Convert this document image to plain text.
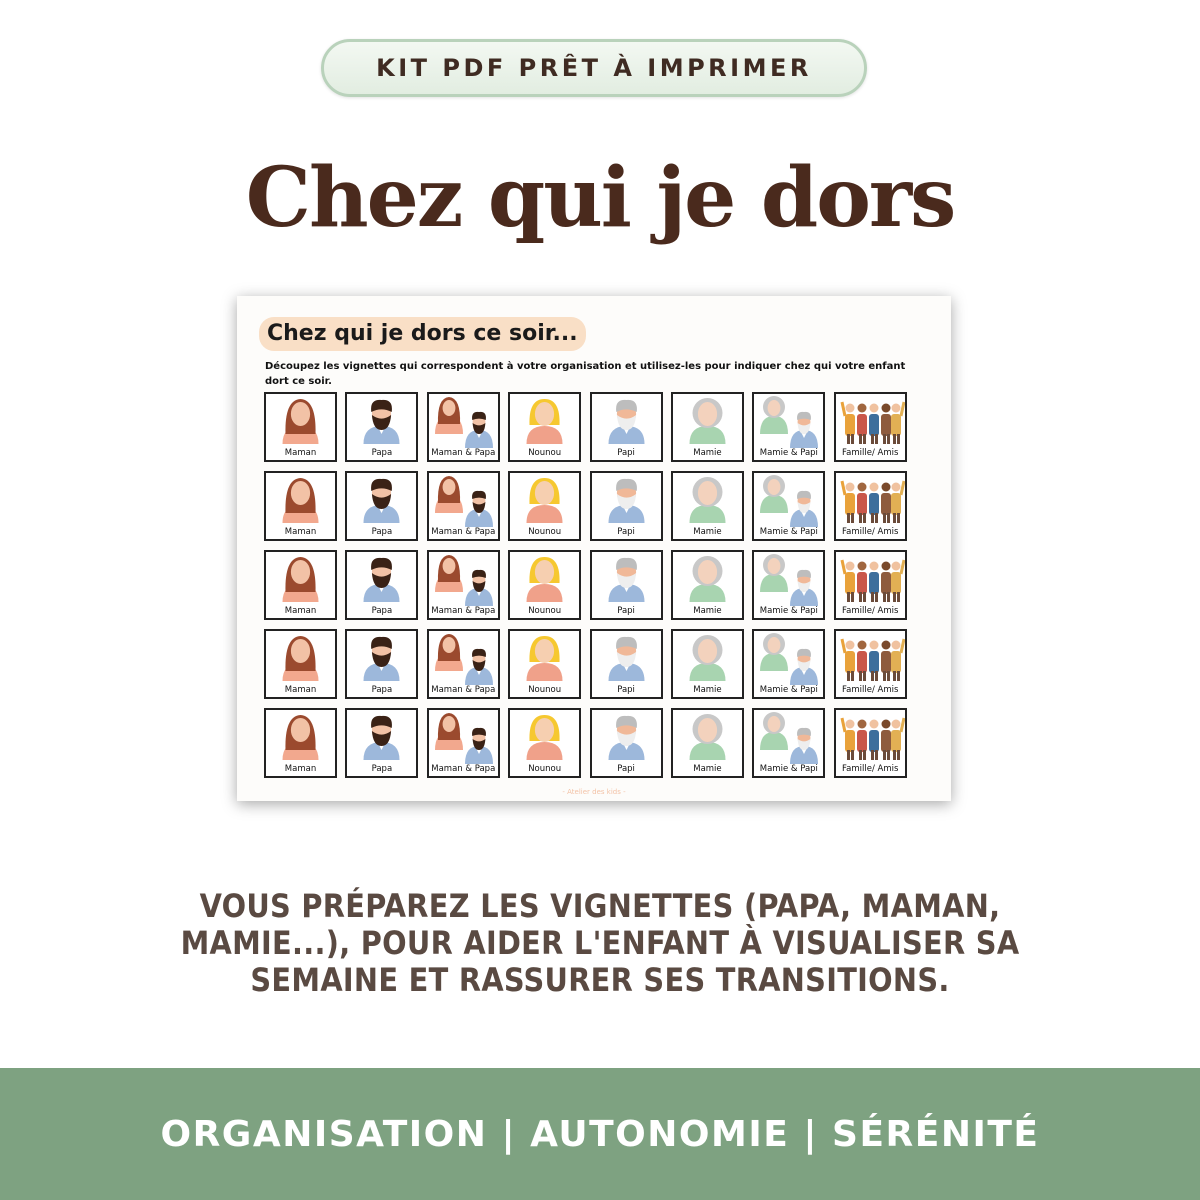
KIT PDF PRÊT À IMPRIMER
Chez qui je dors
Chez qui je dors ce soir...
Découpez les vignettes qui correspondent à votre organisation et utilisez-les pour indiquer chez qui votre enfant dort ce soir.
Maman	Papa	Maman & Papa	Nounou	Papi	Mamie	Mamie & Papi	Famille/ Amis
Maman	Papa	Maman & Papa	Nounou	Papi	Mamie	Mamie & Papi	Famille/ Amis
Maman	Papa	Maman & Papa	Nounou	Papi	Mamie	Mamie & Papi	Famille/ Amis
Maman	Papa	Maman & Papa	Nounou	Papi	Mamie	Mamie & Papi	Famille/ Amis
Maman	Papa	Maman & Papa	Nounou	Papi	Mamie	Mamie & Papi	Famille/ Amis
- Atelier des kids -
VOUS PRÉPAREZ LES VIGNETTES (PAPA, MAMAN, MAMIE...), POUR AIDER L'ENFANT À VISUALISER SA SEMAINE ET RASSURER SES TRANSITIONS.
ORGANISATION | AUTONOMIE | SÉRÉNITÉ
